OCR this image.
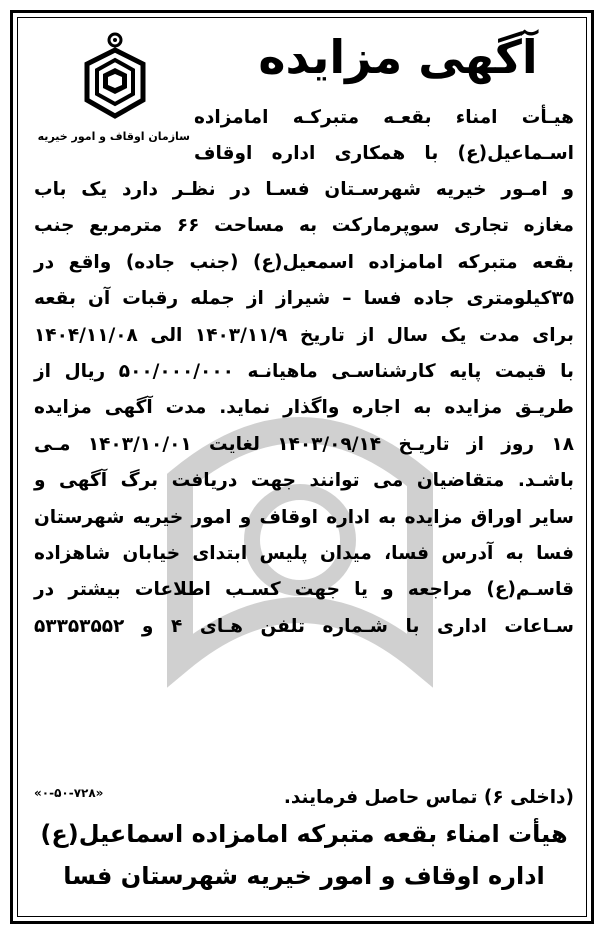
سازمان اوقاف و امور خیریه
آگهی مزایده
هیـأت امناء بقعـه متبرکـه امامزاده
اسـماعیل(ع) با همکاری اداره اوقاف
و امـور خیریه شهرسـتان فسـا در نظـر دارد یک باب
مغازه تجاری سوپرمارکت به مساحت ۶۶ مترمربع جنب
بقعه متبرکه امامزاده اسمعیل(ع) (جنب جاده) واقع در
۳۵کیلومتری جاده فسا – شیراز از جمله رقبات آن بقعه
برای مدت یک سال از تاریخ ۱۴۰۳/۱۱/۹ الی ۱۴۰۴/۱۱/۰۸
با قیمت پایه کارشناسـی ماهیانـه ۵۰۰/۰۰۰/۰۰۰ ریال از
طریـق مزایده به اجاره واگذار نماید. مدت آگهی مزایده
۱۸ روز از تاریـخ ۱۴۰۳/۰۹/۱۴ لغایت ۱۴۰۳/۱۰/۰۱ مـی
باشـد. متقاضیان می توانند جهت دریافت برگ آگهی و
سایر اوراق مزایده به اداره اوقاف و امور خیریه شهرستان
فسا به آدرس فسا، میدان پلیس ابتدای خیابان شاهزاده
قاسـم(ع) مراجعه و یا جهت کسـب اطلاعات بیشتر در
سـاعات اداری با شـماره تلفن هـای ۴ و ۵۳۳۵۳۵۵۲
(داخلی ۶) تماس حاصل فرمایند.
«۰-۵۰-۷۲۸»
هیأت امناء بقعه متبرکه امامزاده اسماعیل(ع)
اداره اوقاف و امور خیریه شهرستان فسا
